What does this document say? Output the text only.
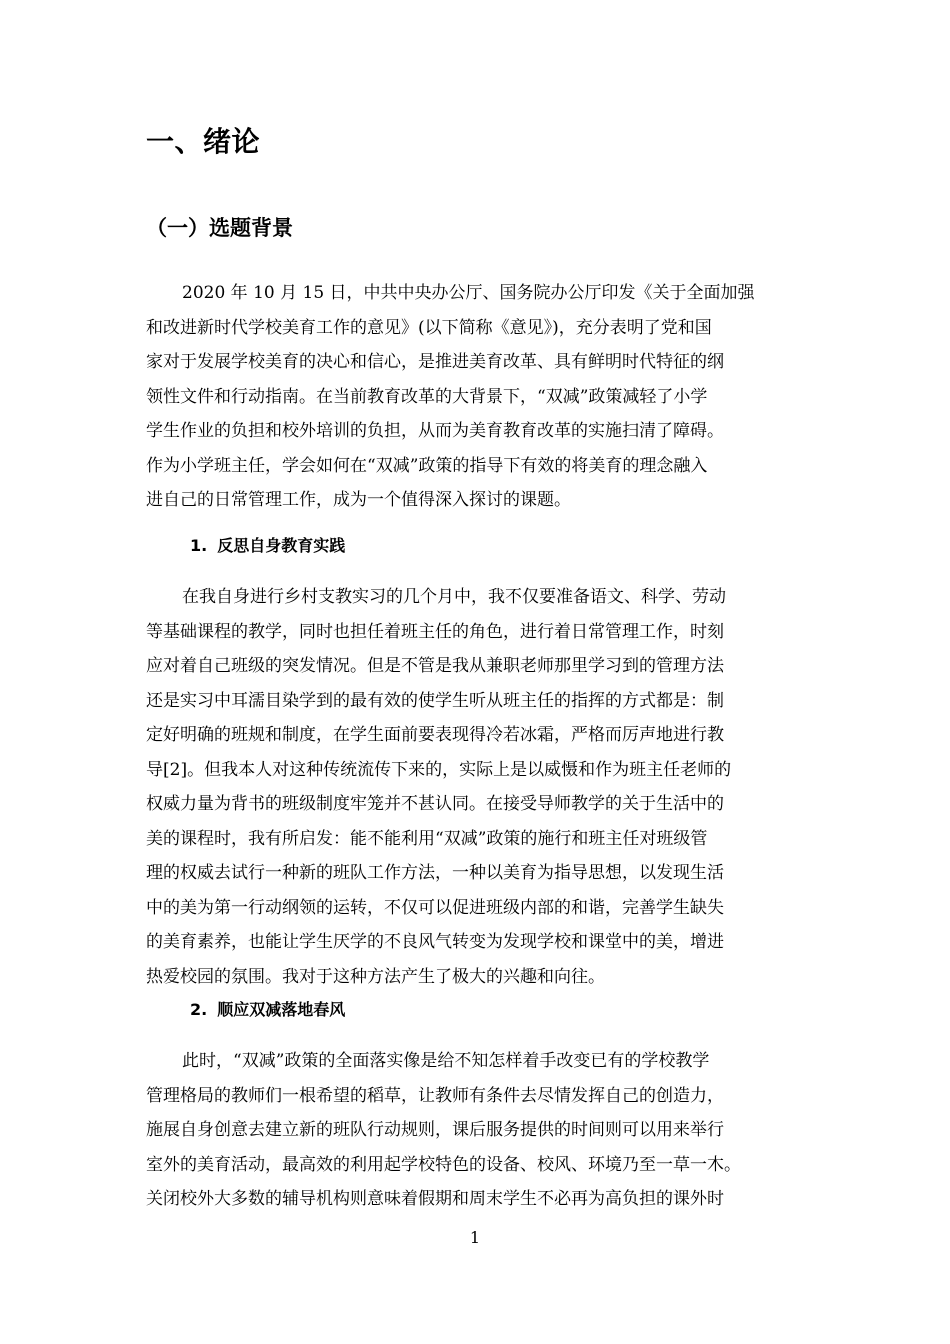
一、绪论
（一）选题背景
2020 年 10 月 15 日，中共中央办公厅、国务院办公厅印发《关于全面加强
和改进新时代学校美育工作的意见》(以下简称《意见》)，充分表明了党和国
家对于发展学校美育的决心和信心，是推进美育改革、具有鲜明时代特征的纲
领性文件和行动指南。在当前教育改革的大背景下，“双减”政策减轻了小学
学生作业的负担和校外培训的负担，从而为美育教育改革的实施扫清了障碍。
作为小学班主任，学会如何在“双减”政策的指导下有效的将美育的理念融入
进自己的日常管理工作，成为一个值得深入探讨的课题。
1. 反思自身教育实践
在我自身进行乡村支教实习的几个月中，我不仅要准备语文、科学、劳动
等基础课程的教学，同时也担任着班主任的角色，进行着日常管理工作，时刻
应对着自己班级的突发情况。但是不管是我从兼职老师那里学习到的管理方法
还是实习中耳濡目染学到的最有效的使学生听从班主任的指挥的方式都是：制
定好明确的班规和制度，在学生面前要表现得冷若冰霜，严格而厉声地进行教
导[2]。但我本人对这种传统流传下来的，实际上是以威慑和作为班主任老师的
权威力量为背书的班级制度牢笼并不甚认同。在接受导师教学的关于生活中的
美的课程时，我有所启发：能不能利用“双减”政策的施行和班主任对班级管
理的权威去试行一种新的班队工作方法，一种以美育为指导思想，以发现生活
中的美为第一行动纲领的运转，不仅可以促进班级内部的和谐，完善学生缺失
的美育素养，也能让学生厌学的不良风气转变为发现学校和课堂中的美，增进
热爱校园的氛围。我对于这种方法产生了极大的兴趣和向往。
2. 顺应双减落地春风
此时，“双减”政策的全面落实像是给不知怎样着手改变已有的学校教学
管理格局的教师们一根希望的稻草，让教师有条件去尽情发挥自己的创造力，
施展自身创意去建立新的班队行动规则，课后服务提供的时间则可以用来举行
室外的美育活动，最高效的利用起学校特色的设备、校风、环境乃至一草一木。
关闭校外大多数的辅导机构则意味着假期和周末学生不必再为高负担的课外时
1
